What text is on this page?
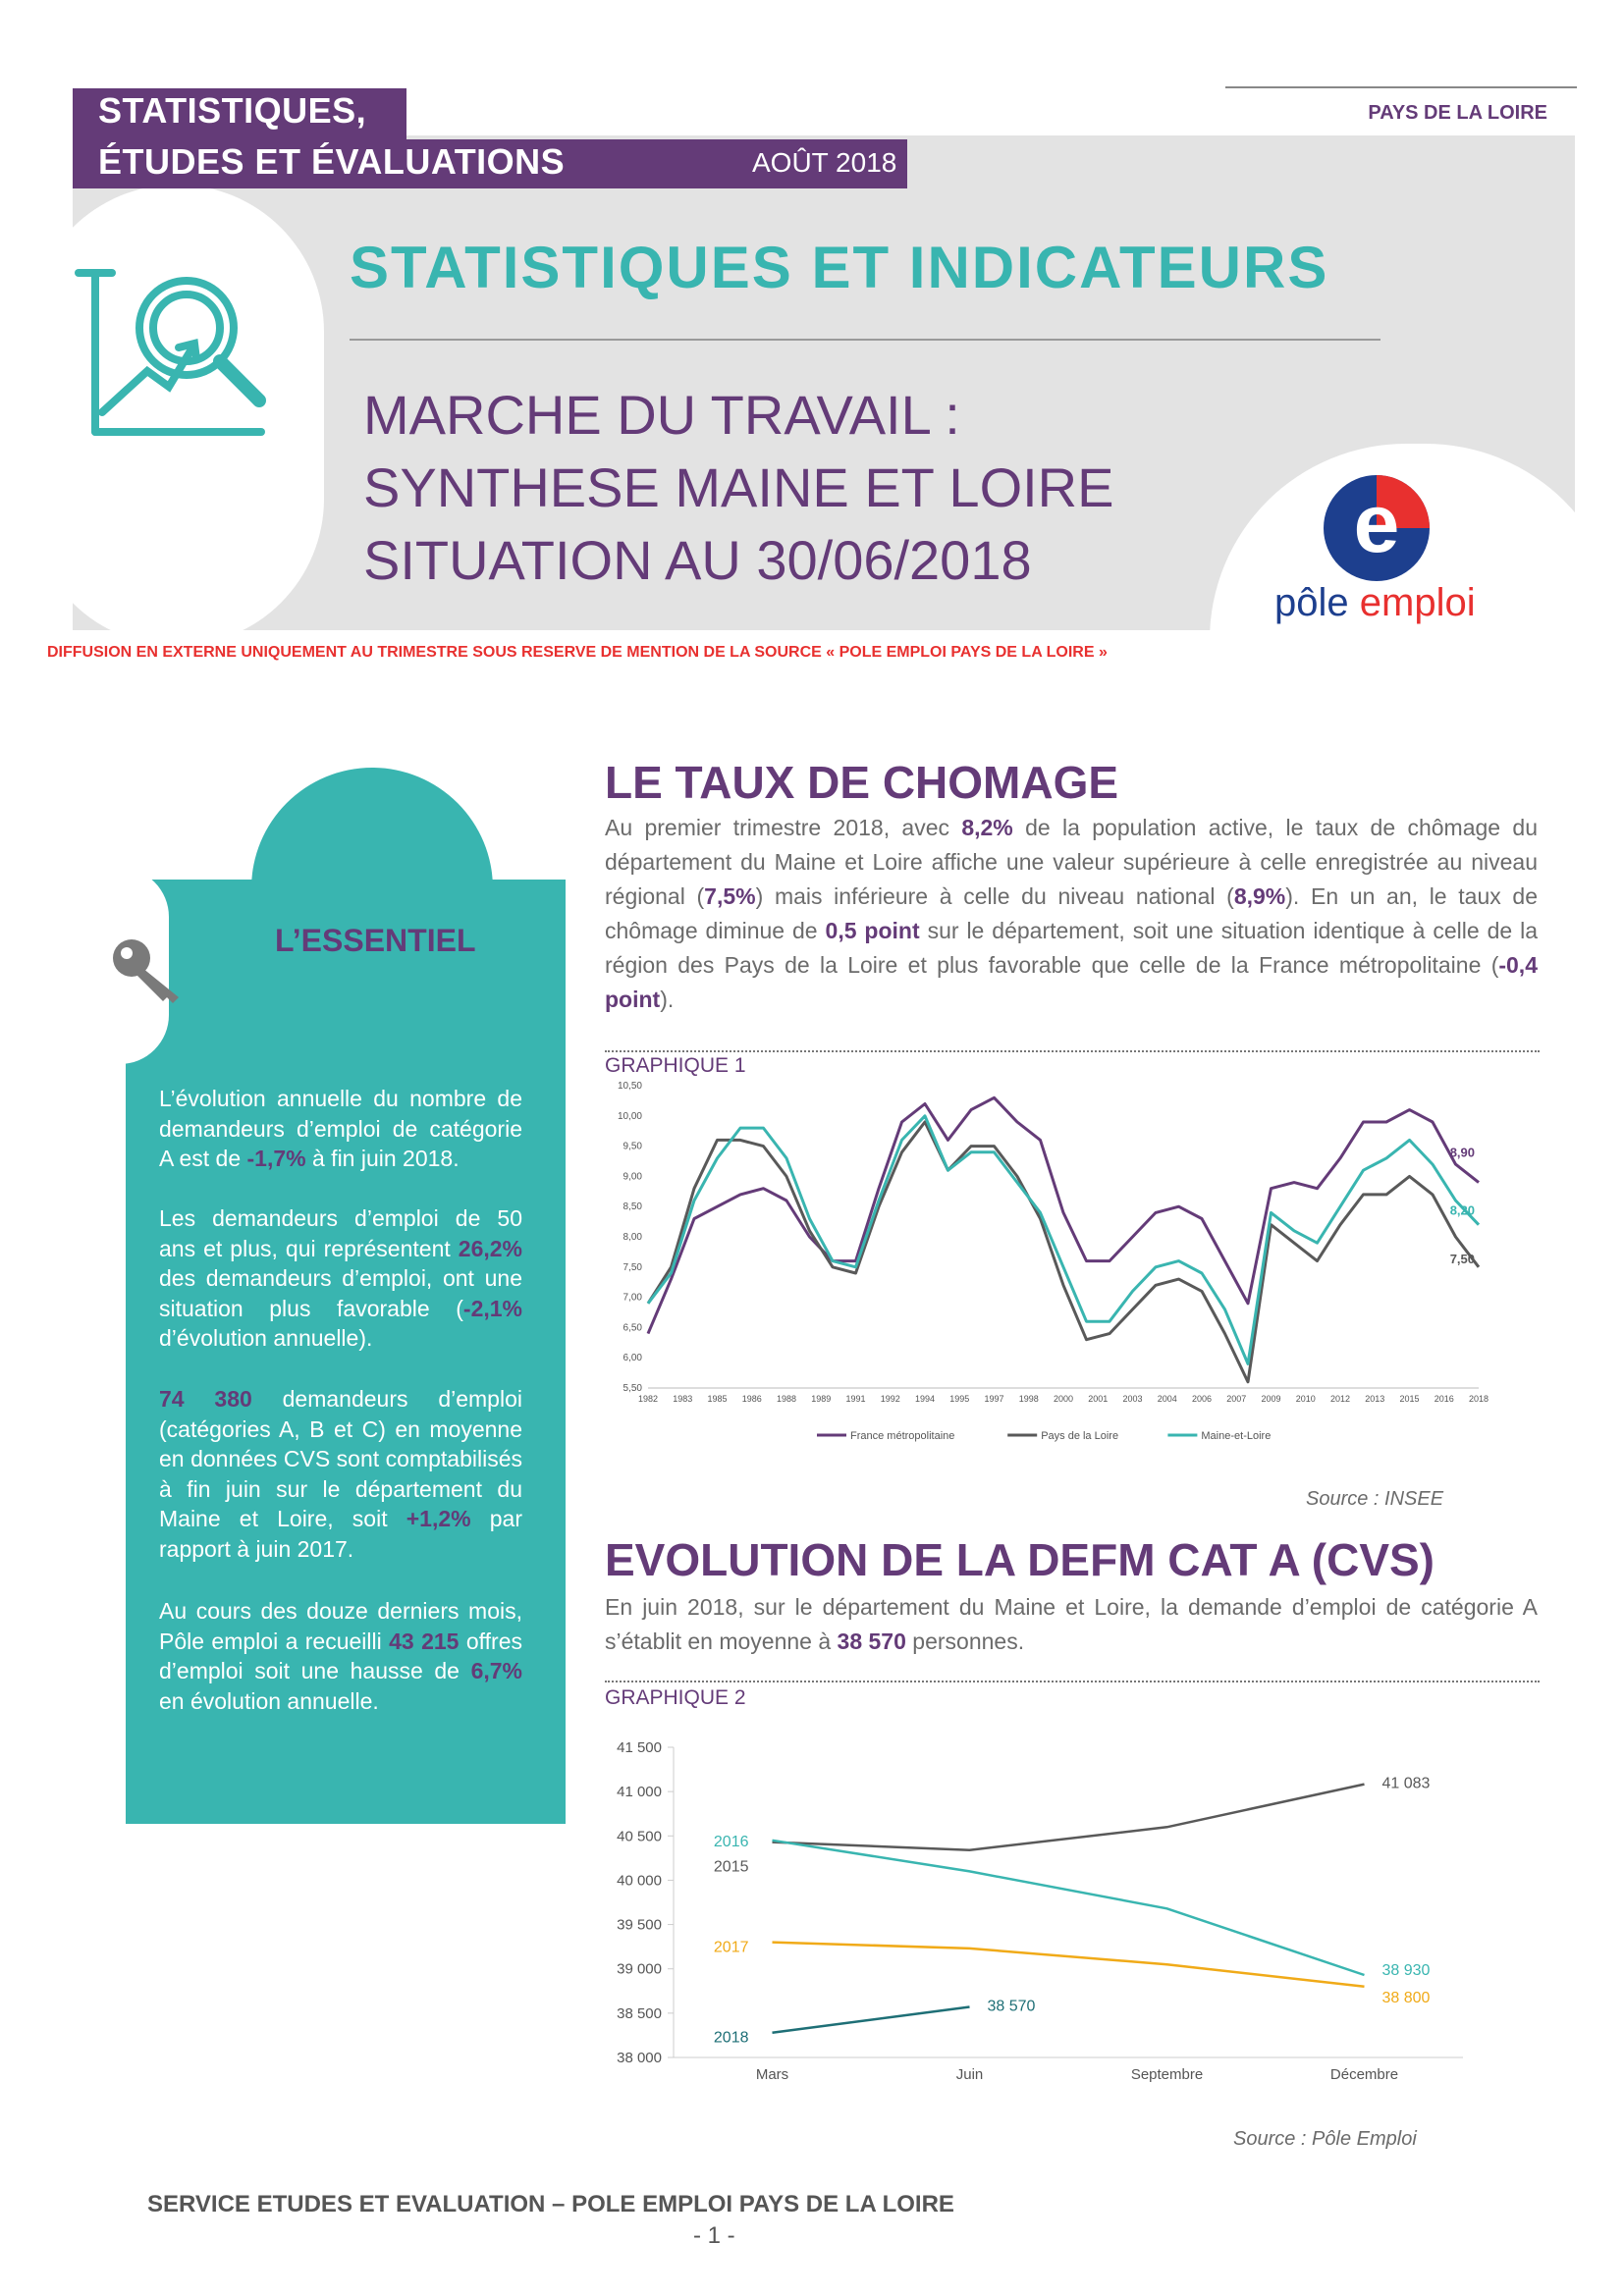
STATISTIQUES,
ÉTUDES ET ÉVALUATIONS	AOÛT 2018
PAYS DE LA LOIRE
STATISTIQUES ET INDICATEURS
MARCHE DU TRAVAIL :
SYNTHESE MAINE ET LOIRE
SITUATION AU 30/06/2018	e
pôle emploi
DIFFUSION EN EXTERNE UNIQUEMENT AU TRIMESTRE SOUS RESERVE DE MENTION DE LA SOURCE « POLE EMPLOI PAYS DE LA LOIRE »
L’ESSENTIEL
L’évolution annuelle du nombre de demandeurs d’emploi de catégorie A est de -1,7% à fin juin 2018.
Les demandeurs d’emploi de 50 ans et plus, qui représentent 26,2% des demandeurs d’emploi, ont une situation plus favorable (-2,1% d’évolution annuelle).
74 380 demandeurs d’emploi (catégories A, B et C) en moyenne en données CVS sont comptabilisés à fin juin sur le département du Maine et Loire, soit +1,2% par rapport à juin 2017.
Au cours des douze derniers mois, Pôle emploi a recueilli 43 215 offres d’emploi soit une hausse de 6,7% en évolution annuelle.
LE TAUX DE CHOMAGE
Au premier trimestre 2018, avec 8,2% de la population active, le taux de chômage du département du Maine et Loire affiche une valeur supérieure à celle enregistrée au niveau régional (7,5%) mais inférieure à celle du niveau national (8,9%). En un an, le taux de chômage diminue de 0,5 point sur le département, soit une situation identique à celle de la région des Pays de la Loire et plus favorable que celle de la France métropolitaine (-0,4 point).
GRAPHIQUE 1
5,50
6,00
6,50
7,00
7,50
8,00
8,50
9,00
9,50
10,00
10,50
1982 1983 1985 1986 1988 1989 1991 1992 1994 1995 1997 1998 2000 2001 2003 2004 2006 2007 2009 2010 2012 2013 2015 2016 2018
8,90
7,50
8,20
France métropolitaine	Pays de la Loire	Maine-et-Loire
Source : INSEE
EVOLUTION DE LA DEFM CAT A (CVS)
En juin 2018, sur le département du Maine et Loire, la demande d’emploi de catégorie A s’établit en moyenne à 38 570 personnes.
GRAPHIQUE 2
38 000
38 500
39 000
39 500
40 000
40 500
41 000
41 500
Mars	Juin	Septembre	Décembre
2015
41 083
2016
38 930
2017
38 800
2018
38 570
Source : Pôle Emploi
SERVICE ETUDES ET EVALUATION – POLE EMPLOI PAYS DE LA LOIRE
- 1 -
